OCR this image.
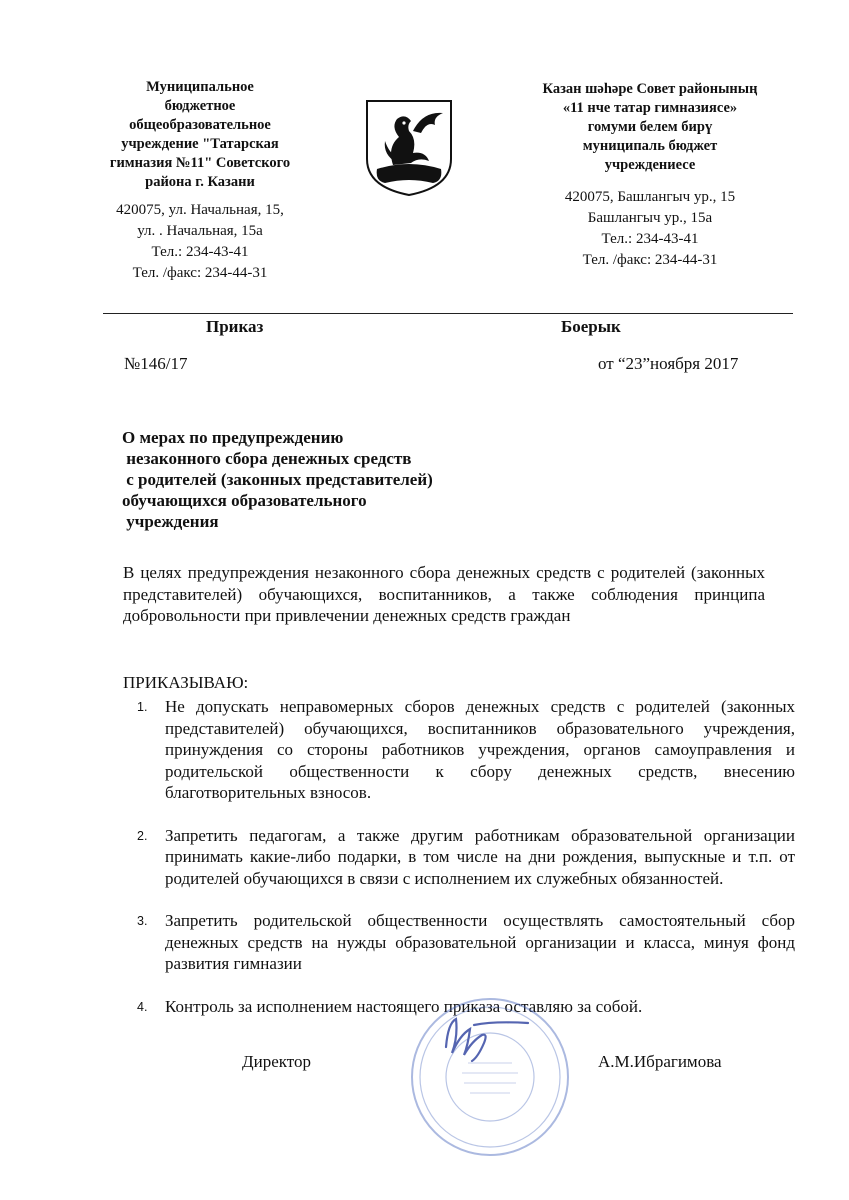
Муниципальное
бюджетное
общеобразовательное
учреждение "Татарская
гимназия №11" Советского
района г. Казани
420075, ул. Начальная, 15,
ул. . Начальная, 15а
Тел.: 234-43-41
Тел. /факс: 234-44-31
Казан шәһәре Совет районының
«11 нче татар гимназиясе»
гомуми белем бирү
муниципаль бюджет
учреждениесе
420075, Башлангыч ур., 15
Башлангыч ур., 15а
Тел.: 234-43-41
Тел. /факс: 234-44-31
Приказ	Боерык
№146/17	от “23”ноября 2017
О мерах по предупреждению
незаконного сбора денежных средств
с родителей (законных представителей)
обучающихся образовательного
учреждения
В целях предупреждения незаконного сбора денежных средств с родителей (законных представителей) обучающихся, воспитанников, а также соблюдения принципа добровольности при привлечении денежных средств граждан
ПРИКАЗЫВАЮ:
1. Не допускать неправомерных сборов денежных средств с родителей (законных представителей) обучающихся, воспитанников образовательного учреждения, принуждения со стороны работников учреждения, органов самоуправления и родительской общественности к сбору денежных средств, внесению благотворительных взносов.
2. Запретить педагогам, а также другим работникам образовательной организации принимать какие-либо подарки, в том числе на дни рождения, выпускные и т.п. от родителей обучающихся в связи с исполнением их служебных обязанностей.
3. Запретить родительской общественности осуществлять самостоятельный сбор денежных средств на нужды образовательной организации и класса, минуя фонд развития гимназии
4. Контроль за исполнением настоящего приказа оставляю за собой.
Директор	А.М.Ибрагимова
